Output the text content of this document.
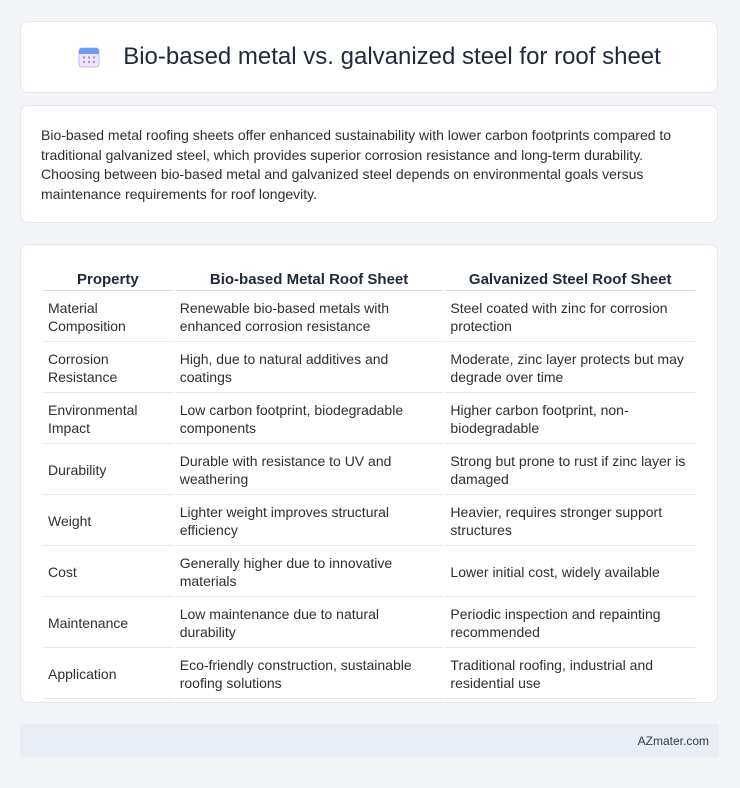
Bio-based metal vs. galvanized steel for roof sheet

Bio-based metal roofing sheets offer enhanced sustainability with lower carbon footprints compared to traditional galvanized steel, which provides superior corrosion resistance and long-term durability. Choosing between bio-based metal and galvanized steel depends on environmental goals versus maintenance requirements for roof longevity.

Property	Bio-based Metal Roof Sheet	Galvanized Steel Roof Sheet
Material Composition	Renewable bio-based metals with enhanced corrosion resistance	Steel coated with zinc for corrosion protection
Corrosion Resistance	High, due to natural additives and coatings	Moderate, zinc layer protects but may degrade over time
Environmental Impact	Low carbon footprint, biodegradable components	Higher carbon footprint, non-biodegradable
Durability	Durable with resistance to UV and weathering	Strong but prone to rust if zinc layer is damaged
Weight	Lighter weight improves structural efficiency	Heavier, requires stronger support structures
Cost	Generally higher due to innovative materials	Lower initial cost, widely available
Maintenance	Low maintenance due to natural durability	Periodic inspection and repainting recommended
Application	Eco-friendly construction, sustainable roofing solutions	Traditional roofing, industrial and residential use
AZmater.com
